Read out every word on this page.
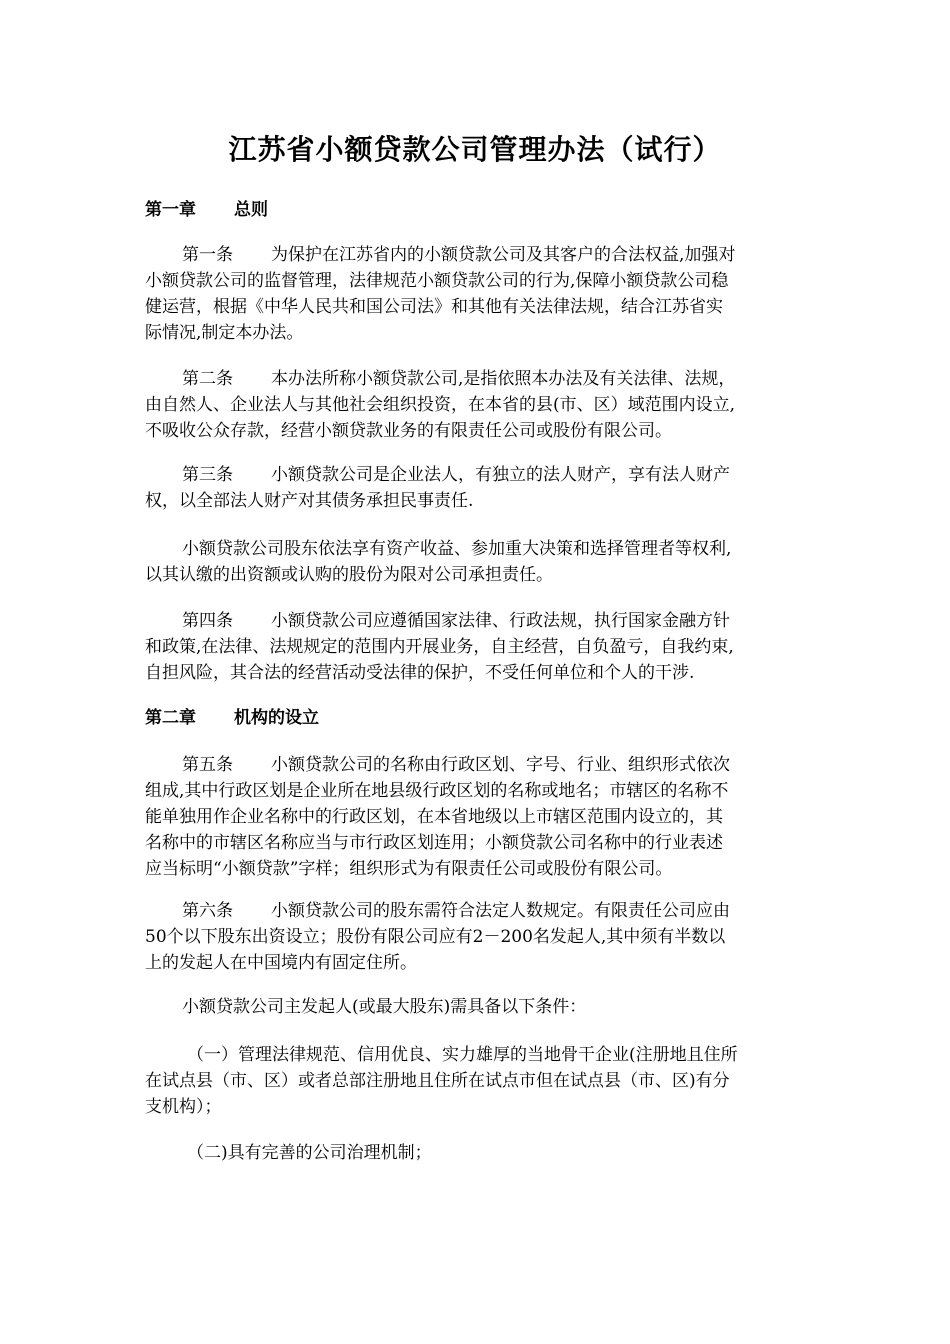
江苏省小额贷款公司管理办法（试行）
第一章 总则
第一条 为保护在江苏省内的小额贷款公司及其客户的合法权益,加强对
小额贷款公司的监督管理，法律规范小额贷款公司的行为,保障小额贷款公司稳
健运营，根据《中华人民共和国公司法》和其他有关法律法规，结合江苏省实
际情况,制定本办法。
第二条 本办法所称小额贷款公司,是指依照本办法及有关法律、法规，
由自然人、企业法人与其他社会组织投资，在本省的县(市、区）域范围内设立,
不吸收公众存款，经营小额贷款业务的有限责任公司或股份有限公司。
第三条 小额贷款公司是企业法人，有独立的法人财产，享有法人财产
权，以全部法人财产对其债务承担民事责任.
小额贷款公司股东依法享有资产收益、参加重大决策和选择管理者等权利,
以其认缴的出资额或认购的股份为限对公司承担责任。
第四条 小额贷款公司应遵循国家法律、行政法规，执行国家金融方针
和政策,在法律、法规规定的范围内开展业务，自主经营，自负盈亏，自我约束,
自担风险，其合法的经营活动受法律的保护，不受任何单位和个人的干涉.
第二章 机构的设立
第五条 小额贷款公司的名称由行政区划、字号、行业、组织形式依次
组成,其中行政区划是企业所在地县级行政区划的名称或地名；市辖区的名称不
能单独用作企业名称中的行政区划，在本省地级以上市辖区范围内设立的，其
名称中的市辖区名称应当与市行政区划连用；小额贷款公司名称中的行业表述
应当标明“小额贷款”字样；组织形式为有限责任公司或股份有限公司。
第六条 小额贷款公司的股东需符合法定人数规定。有限责任公司应由
50个以下股东出资设立；股份有限公司应有2－200名发起人,其中须有半数以
上的发起人在中国境内有固定住所。
小额贷款公司主发起人(或最大股东)需具备以下条件：
（一）管理法律规范、信用优良、实力雄厚的当地骨干企业(注册地且住所
在试点县（市、区）或者总部注册地且住所在试点市但在试点县（市、区)有分
支机构）；
（二)具有完善的公司治理机制；
